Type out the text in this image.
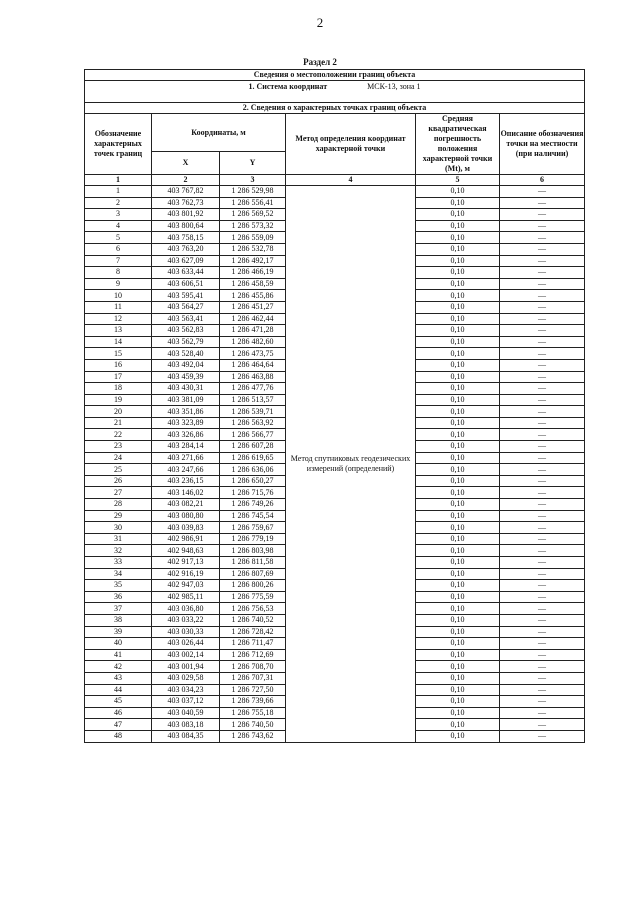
2
Раздел 2
Сведения о местоположении границ объекта					
1. Система координат МСК-13, зона 1					
2. Сведения о характерных точках границ объекта					
Обозначение характерных точек границ	Координаты, м		Метод определения координат характерной точки	Средняя квадратическая погрешность положения характерной точки (Mt), м	Описание обозначения точки на местности (при наличии)
	X	Y			
1	2	3	4	5	6
1	403 767,82	1 286 529,98	Метод спутниковых геодезических измерений (определений)	0,10	—
2	403 762,73	1 286 556,41		0,10	—
3	403 801,92	1 286 569,52		0,10	—
4	403 800,64	1 286 573,32		0,10	—
5	403 758,15	1 286 559,09		0,10	—
6	403 763,20	1 286 532,78		0,10	—
7	403 627,09	1 286 492,17		0,10	—
8	403 633,44	1 286 466,19		0,10	—
9	403 606,51	1 286 458,59		0,10	—
10	403 595,41	1 286 455,86		0,10	—
11	403 564,27	1 286 451,27		0,10	—
12	403 563,41	1 286 462,44		0,10	—
13	403 562,83	1 286 471,28		0,10	—
14	403 562,79	1 286 482,60		0,10	—
15	403 528,40	1 286 473,75		0,10	—
16	403 492,04	1 286 464,64		0,10	—
17	403 459,39	1 286 463,88		0,10	—
18	403 430,31	1 286 477,76		0,10	—
19	403 381,09	1 286 513,57		0,10	—
20	403 351,86	1 286 539,71		0,10	—
21	403 323,89	1 286 563,92		0,10	—
22	403 326,86	1 286 566,77		0,10	—
23	403 284,14	1 286 607,28		0,10	—
24	403 271,66	1 286 619,65		0,10	—
25	403 247,66	1 286 636,06		0,10	—
26	403 236,15	1 286 650,27		0,10	—
27	403 146,02	1 286 715,76		0,10	—
28	403 082,21	1 286 749,26		0,10	—
29	403 080,80	1 286 745,54		0,10	—
30	403 039,83	1 286 759,67		0,10	—
31	402 986,91	1 286 779,19		0,10	—
32	402 948,63	1 286 803,98		0,10	—
33	402 917,13	1 286 811,58		0,10	—
34	402 916,19	1 286 807,69		0,10	—
35	402 947,03	1 286 800,26		0,10	—
36	402 985,11	1 286 775,59		0,10	—
37	403 036,80	1 286 756,53		0,10	—
38	403 033,22	1 286 740,52		0,10	—
39	403 030,33	1 286 728,42		0,10	—
40	403 026,44	1 286 711,47		0,10	—
41	403 002,14	1 286 712,69		0,10	—
42	403 001,94	1 286 708,70		0,10	—
43	403 029,58	1 286 707,31		0,10	—
44	403 034,23	1 286 727,50		0,10	—
45	403 037,12	1 286 739,66		0,10	—
46	403 040,59	1 286 755,18		0,10	—
47	403 083,18	1 286 740,50		0,10	—
48	403 084,35	1 286 743,62		0,10	—
